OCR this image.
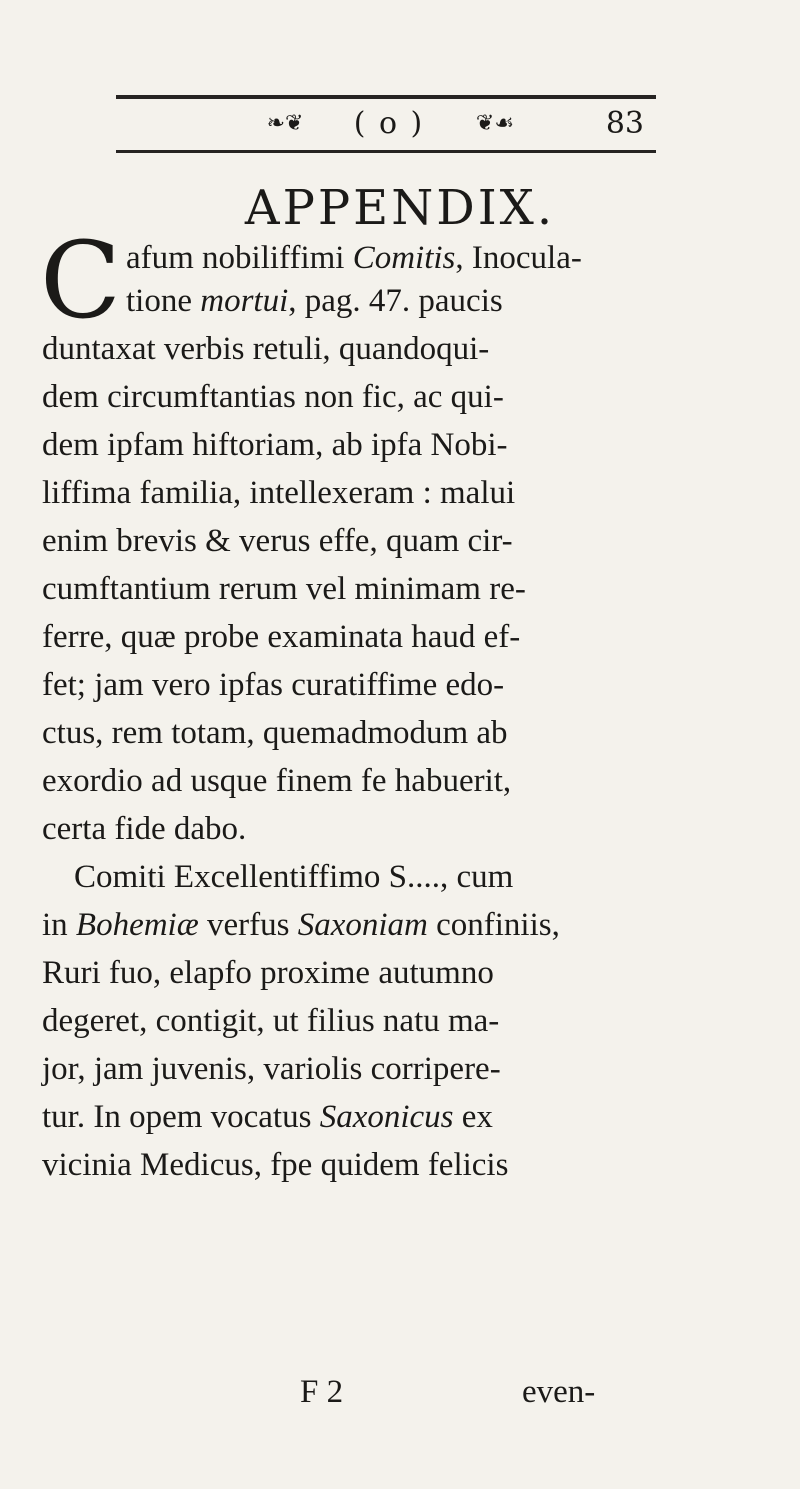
❧❦	( o )	❦☙	83
APPENDIX.
C afum nobiliffimi Comitis, Inocula-
tione mortui, pag. 47. paucis
duntaxat verbis retuli, quandoqui-
dem circumftantias non fic, ac qui-
dem ipfam hiftoriam, ab ipfa Nobi-
liffima familia, intellexeram : malui
enim brevis & verus effe, quam cir-
cumftantium rerum vel minimam re-
ferre, quæ probe examinata haud ef-
fet; jam vero ipfas curatiffime edo-
ctus, rem totam, quemadmodum ab
exordio ad usque finem fe habuerit,
certa fide dabo.
Comiti Excellentiffimo S...., cum
in Bohemiæ verfus Saxoniam confiniis,
Ruri fuo, elapfo proxime autumno
degeret, contigit, ut filius natu ma-
jor, jam juvenis, variolis corripere-
tur. In opem vocatus Saxonicus ex
vicinia Medicus, fpe quidem felicis
F 2	even-
